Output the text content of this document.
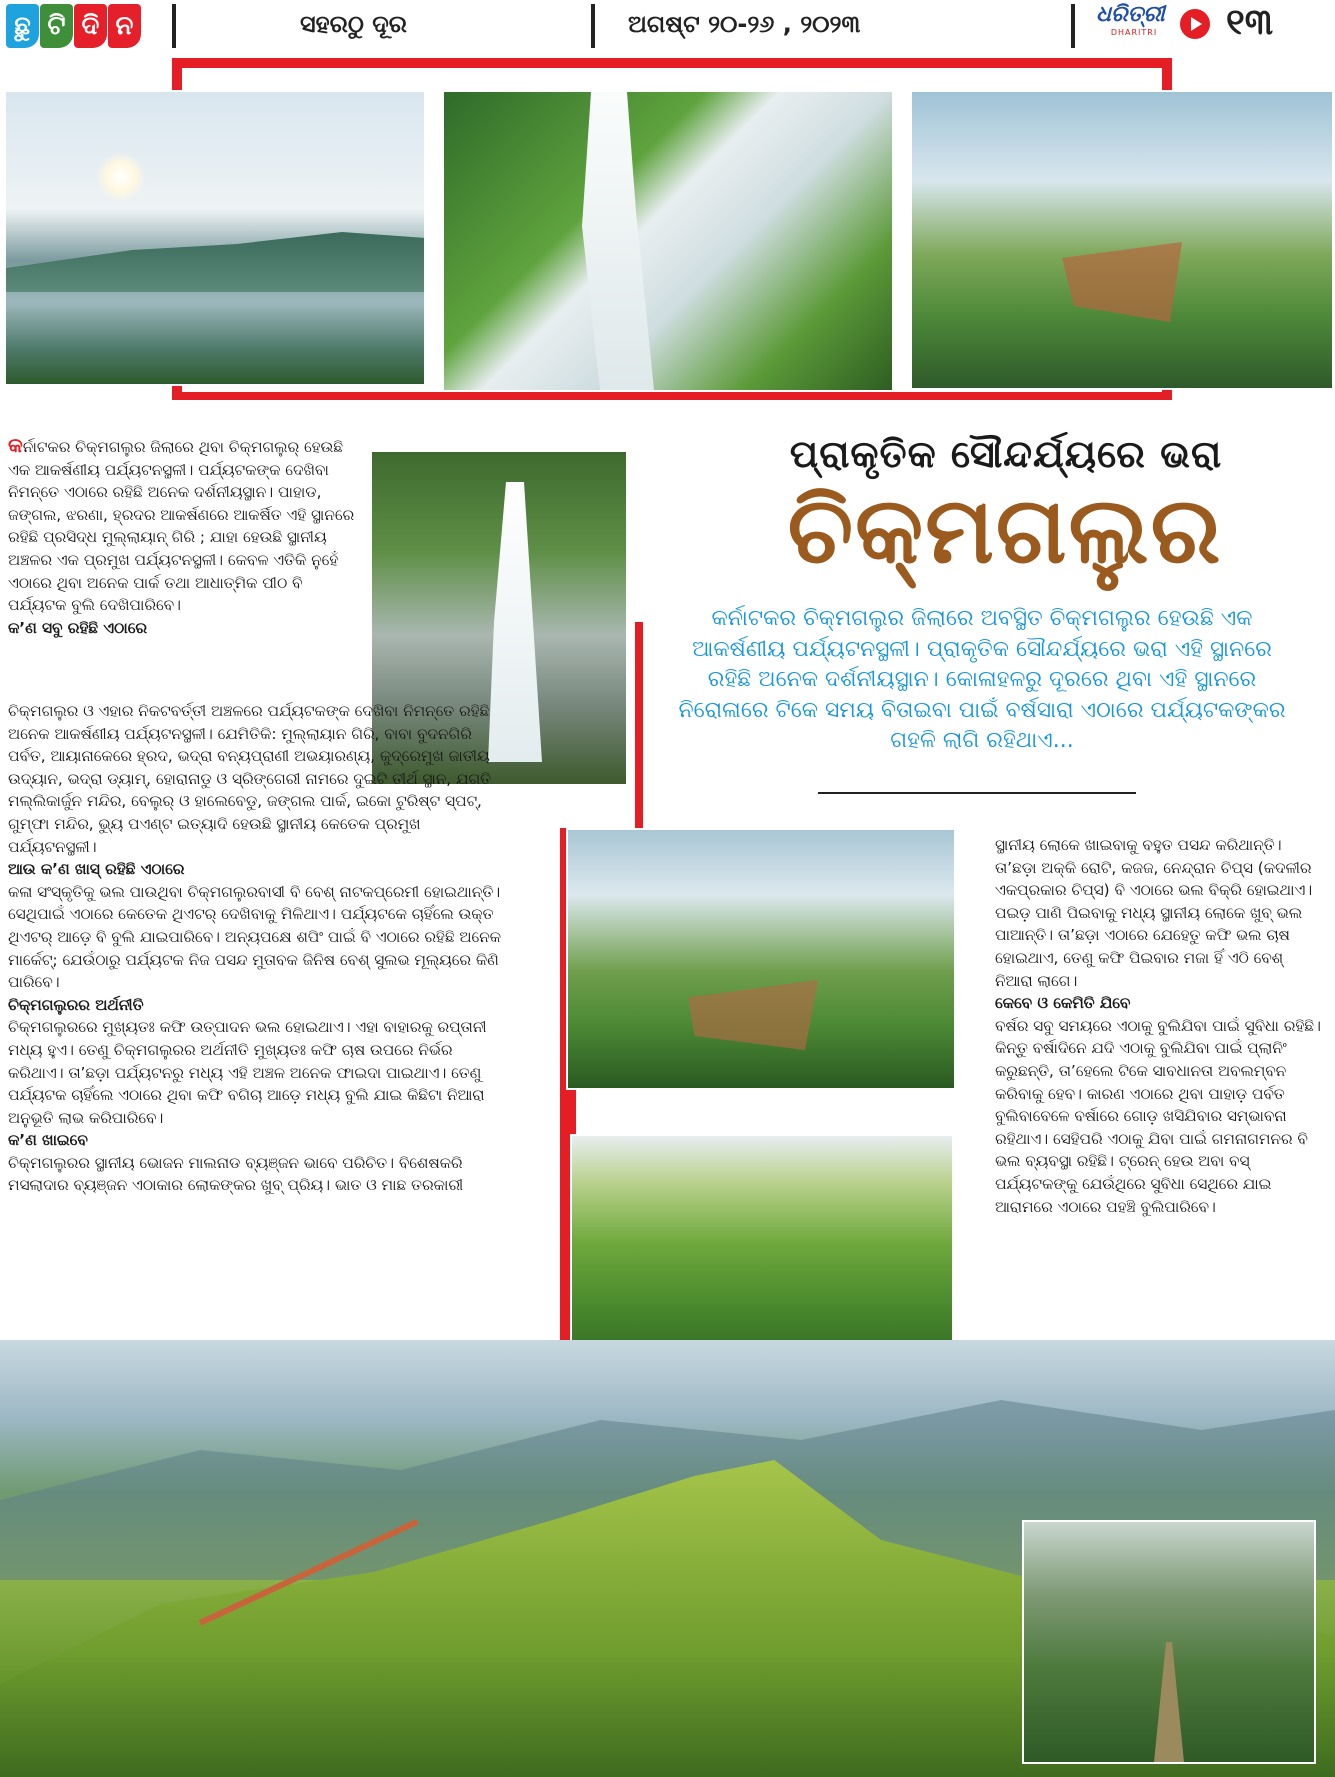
ଛୁ ଟି ଦି ନ	ସହରଠୁ ଦୂର	ଅଗଷ୍ଟ ୨୦-୨୬ , ୨୦୨୩	ଧରିତ୍ରୀ
DHARITRI	୧୩
ପ୍ରାକୃତିକ ସୌନ୍ଦର୍ଯ୍ୟରେ ଭରା
ଚିକ୍‌ମଗଲୁର
କର୍ନାଟକର ଚିକ୍‌ମଗଲୁର ଜିଲାରେ ଅବସ୍ଥିତ ଚିକ୍‌ମଗଲୁର ହେଉଛି ଏକ ଆକର୍ଷଣୀୟ ପର୍ଯ୍ୟଟନସ୍ଥଳୀ। ପ୍ରାକୃତିକ ସୌନ୍ଦର୍ଯ୍ୟରେ ଭରା ଏହି ସ୍ଥାନରେ ରହିଛି ଅନେକ ଦର୍ଶନୀୟସ୍ଥାନ। କୋଳାହଳରୁ ଦୂରରେ ଥିବା ଏହି ସ୍ଥାନରେ ନିରୋଳାରେ ଟିକେ ସମୟ ବିତାଇବା ପାଇଁ ବର୍ଷସାରା ଏଠାରେ ପର୍ଯ୍ୟଟକଙ୍କର ଗହଳି ଲାଗି ରହିଥାଏ...

କର୍ନାଟକର ଚିକ୍‌ମଗଲୁର ଜିଲାରେ ଥିବା ଚିକ୍‌ମଗଲୁର୍ ହେଉଛି ଏକ ଆକର୍ଷଣୀୟ ପର୍ଯ୍ୟଟନସ୍ଥଳୀ। ପର୍ଯ୍ୟଟକଙ୍କ ଦେଖିବା ନିମନ୍ତେ ଏଠାରେ ରହିଛି ଅନେକ ଦର୍ଶନୀୟସ୍ଥାନ। ପାହାଡ, ଜଙ୍ଗଲ, ଝରଣା, ହ୍ରଦର ଆକର୍ଷଣରେ ଆକର୍ଷିତ ଏହି ସ୍ଥାନରେ ରହିଛି ପ୍ରସିଦ୍ଧ ମୁଲ୍ଲାୟାନ୍ ଗିରି ; ଯାହା ହେଉଛି ସ୍ଥାନୀୟ ଅଞ୍ଚଳର ଏକ ପ୍ରମୁଖ ପର୍ଯ୍ୟଟନସ୍ଥଳୀ। କେବଳ ଏତିକି ନୁହେଁ ଏଠାରେ ଥିବା ଅନେକ ପାର୍କ ତଥା ଆଧାତ୍ମିକ ପୀଠ ବି ପର୍ଯ୍ୟଟକ ବୁଲି ଦେଖିପାରିବେ।

କ’ଣ ସବୁ ରହିଛି ଏଠାରେ

ଚିକ୍‌ମଗଲୁର ଓ ଏହାର ନିକଟବର୍ତ୍ତୀ ଅଞ୍ଚଳରେ ପର୍ଯ୍ୟଟକଙ୍କ ଦେଖିବା ନିମନ୍ତେ ରହିଛି ଅନେକ ଆକର୍ଷଣୀୟ ପର୍ଯ୍ୟଟନସ୍ଥଳୀ। ଯେମିତିକି: ମୁଲ୍ଲାୟାନ ଗିରି, ବାବା ବୁଦନଗିରି ପର୍ବତ, ଆୟାନାକେରେ ହ୍ରଦ, ଭଦ୍ରା ବନ୍ୟପ୍ରାଣୀ ଅଭୟାରଣ୍ୟ, କୁଦ୍ରେମୁଖ ଜାତୀୟ ଉଦ୍ୟାନ, ଭଦ୍ରା ଡ୍ୟାମ୍, ହୋରାନାଡୁ ଓ ସ୍ରିଙ୍ଗେରୀ ନାମରେ ଦୁଇଟି ତୀର୍ଥ ସ୍ଥାନ, ଯଗତି ମଲ୍ଲିକାର୍ଜୁନ ମନ୍ଦିର, ବେଲୁର୍ ଓ ହାଲେବେଡୁ, ଜଙ୍ଗଲ ପାର୍କ, ଇକୋ ଟୁରିଷ୍ଟ ସ୍ପଟ୍, ଗୁମ୍ଫା ମନ୍ଦିର, ଭ୍ୟୁ ପଏଣ୍ଟ ଇତ୍ୟାଦି ହେଉଛି ସ୍ଥାନୀୟ କେତେକ ପ୍ରମୁଖ ପର୍ଯ୍ୟଟନସ୍ଥଳୀ।

ଆଉ କ’ଣ ଖାସ୍ ରହିଛି ଏଠାରେ

କଳା ସଂସ୍କୃତିକୁ ଭଲ ପାଉଥିବା ଚିକ୍‌ମଗଲୁରବାସୀ ବି ବେଶ୍ ନାଟକପ୍ରେମୀ ହୋଇଥାନ୍ତି। ସେଥିପାଇଁ ଏଠାରେ କେତେକ ଥିଏଟର୍ ଦେଖିବାକୁ ମିଳିଥାଏ। ପର୍ଯ୍ୟଟକେ ଚାହିଁଲେ ଉକ୍ତ ଥିଏଟର୍ ଆଡ଼େ ବି ବୁଲି ଯାଇପାରିବେ। ଅନ୍ୟପକ୍ଷେ ଶପିଂ ପାଇଁ ବି ଏଠାରେ ରହିଛି ଅନେକ ମାର୍କେଟ୍; ଯେଉଁଠାରୁ ପର୍ଯ୍ୟଟକ ନିଜ ପସନ୍ଦ ମୁତାବକ ଜିନିଷ ବେଶ୍ ସୁଲଭ ମୂଲ୍ୟରେ କିଣି ପାରିବେ।

ଚିକ୍‌ମଗଲୁରର ଅର୍ଥନୀତି

ଚିକ୍‌ମଗଲୁରରେ ମୁଖ୍ୟତଃ କଫି ଉତ୍ପାଦନ ଭଲ ହୋଇଥାଏ। ଏହା ବାହାରକୁ ରପ୍ତାନୀ ମଧ୍ୟ ହୁଏ। ତେଣୁ ଚିକ୍‌ମଗଲୁରର ଅର୍ଥନୀତି ମୁଖ୍ୟତଃ କଫି ଚାଷ ଉପରେ ନିର୍ଭର କରିଥାଏ। ତା’ଛଡ଼ା ପର୍ଯ୍ୟଟନରୁ ମଧ୍ୟ ଏହି ଅଞ୍ଚଳ ଅନେକ ଫାଇଦା ପାଇଥାଏ। ତେଣୁ ପର୍ଯ୍ୟଟକ ଚାହିଁଲେ ଏଠାରେ ଥିବା କଫି ବଗିଚା ଆଡ଼େ ମଧ୍ୟ ବୁଲି ଯାଇ କିଛିଟା ନିଆରା ଅନୁଭୂତି ଲାଭ କରିପାରିବେ।

କ’ଣ ଖାଇବେ

ଚିକ୍‌ମଗଲୁରର ସ୍ଥାନୀୟ ଭୋଜନ ମାଲନାଡ ବ୍ୟଞ୍ଜନ ଭାବେ ପରିଚିତ। ବିଶେଷକରି ମସଲାଦାର ବ୍ୟଞ୍ଜନ ଏଠାକାର ଲୋକଙ୍କର ଖୁବ୍ ପ୍ରିୟ। ଭାତ ଓ ମାଛ ତରକାରୀ

ସ୍ଥାନୀୟ ଲୋକେ ଖାଇବାକୁ ବହୁତ ପସନ୍ଦ କରିଥାନ୍ତି। ତା’ଛଡ଼ା ଅକ୍କି ରୋଟି, କଜଜ, ନେନ୍ଦ୍ରାନ ଚିପ୍ସ (କଦଳୀର ଏକପ୍ରକାର ଚିପ୍ସ) ବି ଏଠାରେ ଭଲ ବିକ୍ରି ହୋଇଥାଏ। ପଇଡ଼ ପାଣି ପିଇବାକୁ ମଧ୍ୟ ସ୍ଥାନୀୟ ଲୋକେ ଖୁବ୍ ଭଲ ପାଆନ୍ତି। ତା’ଛଡ଼ା ଏଠାରେ ଯେହେତୁ କଫି ଭଲ ଚାଷ ହୋଇଥାଏ, ତେଣୁ କଫି ପିଇବାର ମଜା ହିଁ ଏଠି ବେଶ୍ ନିଆରା ଲାଗେ।

କେବେ ଓ କେମିତି ଯିବେ

ବର୍ଷର ସବୁ ସମୟରେ ଏଠାକୁ ବୁଲିଯିବା ପାଇଁ ସୁବିଧା ରହିଛି। କିନ୍ତୁ ବର୍ଷାଦିନେ ଯଦି ଏଠାକୁ ବୁଲିଯିବା ପାଇଁ ପ୍ଲାନିଂ କରୁଛନ୍ତି, ତା’ହେଲେ ଟିକେ ସାବଧାନତା ଅବଲମ୍ବନ କରିବାକୁ ହେବ। କାରଣ ଏଠାରେ ଥିବା ପାହାଡ଼ ପର୍ବତ ବୁଲିବାବେଳେ ବର୍ଷାରେ ଗୋଡ଼ ଖସିଯିବାର ସମ୍ଭାବନା ରହିଥାଏ। ସେହିପରି ଏଠାକୁ ଯିବା ପାଇଁ ଗମନାଗମନର ବି ଭଲ ବ୍ୟବସ୍ଥା ରହିଛି। ଟ୍ରେନ୍ ହେଉ ଅବା ବସ୍ ପର୍ଯ୍ୟଟକଙ୍କୁ ଯେଉଁଥିରେ ସୁବିଧା ସେଥିରେ ଯାଇ ଆରାମରେ ଏଠାରେ ପହଞ୍ଚି ବୁଲିପାରିବେ।
